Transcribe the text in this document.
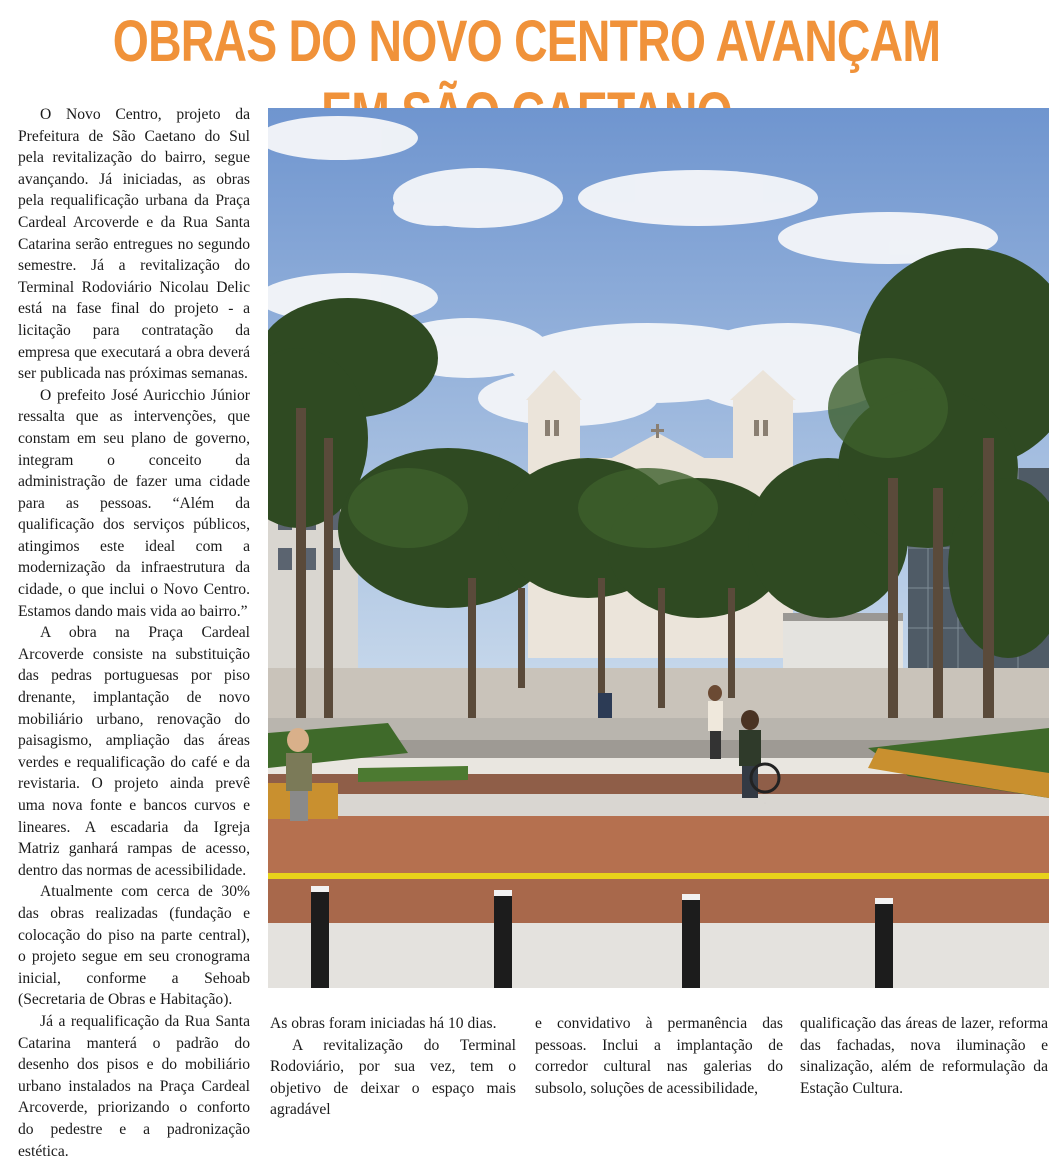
OBRAS DO NOVO CENTRO AVANÇAM

O Novo Centro, projeto da Prefeitura de São Caetano do Sul pela revitalização do bairro, segue avançando. Já iniciadas, as obras pela requalificação urbana da Praça Cardeal Arcoverde e da Rua Santa Catarina serão entregues no segundo semestre. Já a revitalização do Terminal Rodoviário Nicolau Delic está na fase final do projeto - a licitação para contratação da empresa que executará a obra deverá ser publicada nas próximas semanas.

O prefeito José Auricchio Júnior ressalta que as intervenções, que constam em seu plano de governo, integram o conceito da administração de fazer uma cidade para as pessoas. “Além da qualificação dos serviços públicos, atingimos este ideal com a modernização da infraestrutura da cidade, o que inclui o Novo Centro. Estamos dando mais vida ao bairro.”

A obra na Praça Cardeal Arcoverde consiste na substituição das pedras portuguesas por piso drenante, implantação de novo mobiliário urbano, renovação do paisagismo, ampliação das áreas verdes e requalificação do café e da revistaria. O projeto ainda prevê uma nova fonte e bancos curvos e lineares. A escadaria da Igreja Matriz ganhará rampas de acesso, dentro das normas de acessibilidade.

Atualmente com cerca de 30% das obras realizadas (fundação e colocação do piso na parte central), o projeto segue em seu cronograma inicial, conforme a Sehoab (Secretaria de Obras e Habitação).

Já a requalificação da Rua Santa Catarina manterá o padrão do desenho dos pisos e do mobiliário urbano instalados na Praça Cardeal Arcoverde, priorizando o conforto do pedestre e a padronização estética.

As obras foram iniciadas há 10 dias.

A revitalização do Terminal Rodoviário, por sua vez, tem o objetivo de deixar o espaço mais agradável

e convidativo à permanência das pessoas. Inclui a implantação de corredor cultural nas galerias do subsolo, soluções de acessibilidade,

qualificação das áreas de lazer, reforma das fachadas, nova iluminação e sinalização, além de reformulação da Estação Cultura.
